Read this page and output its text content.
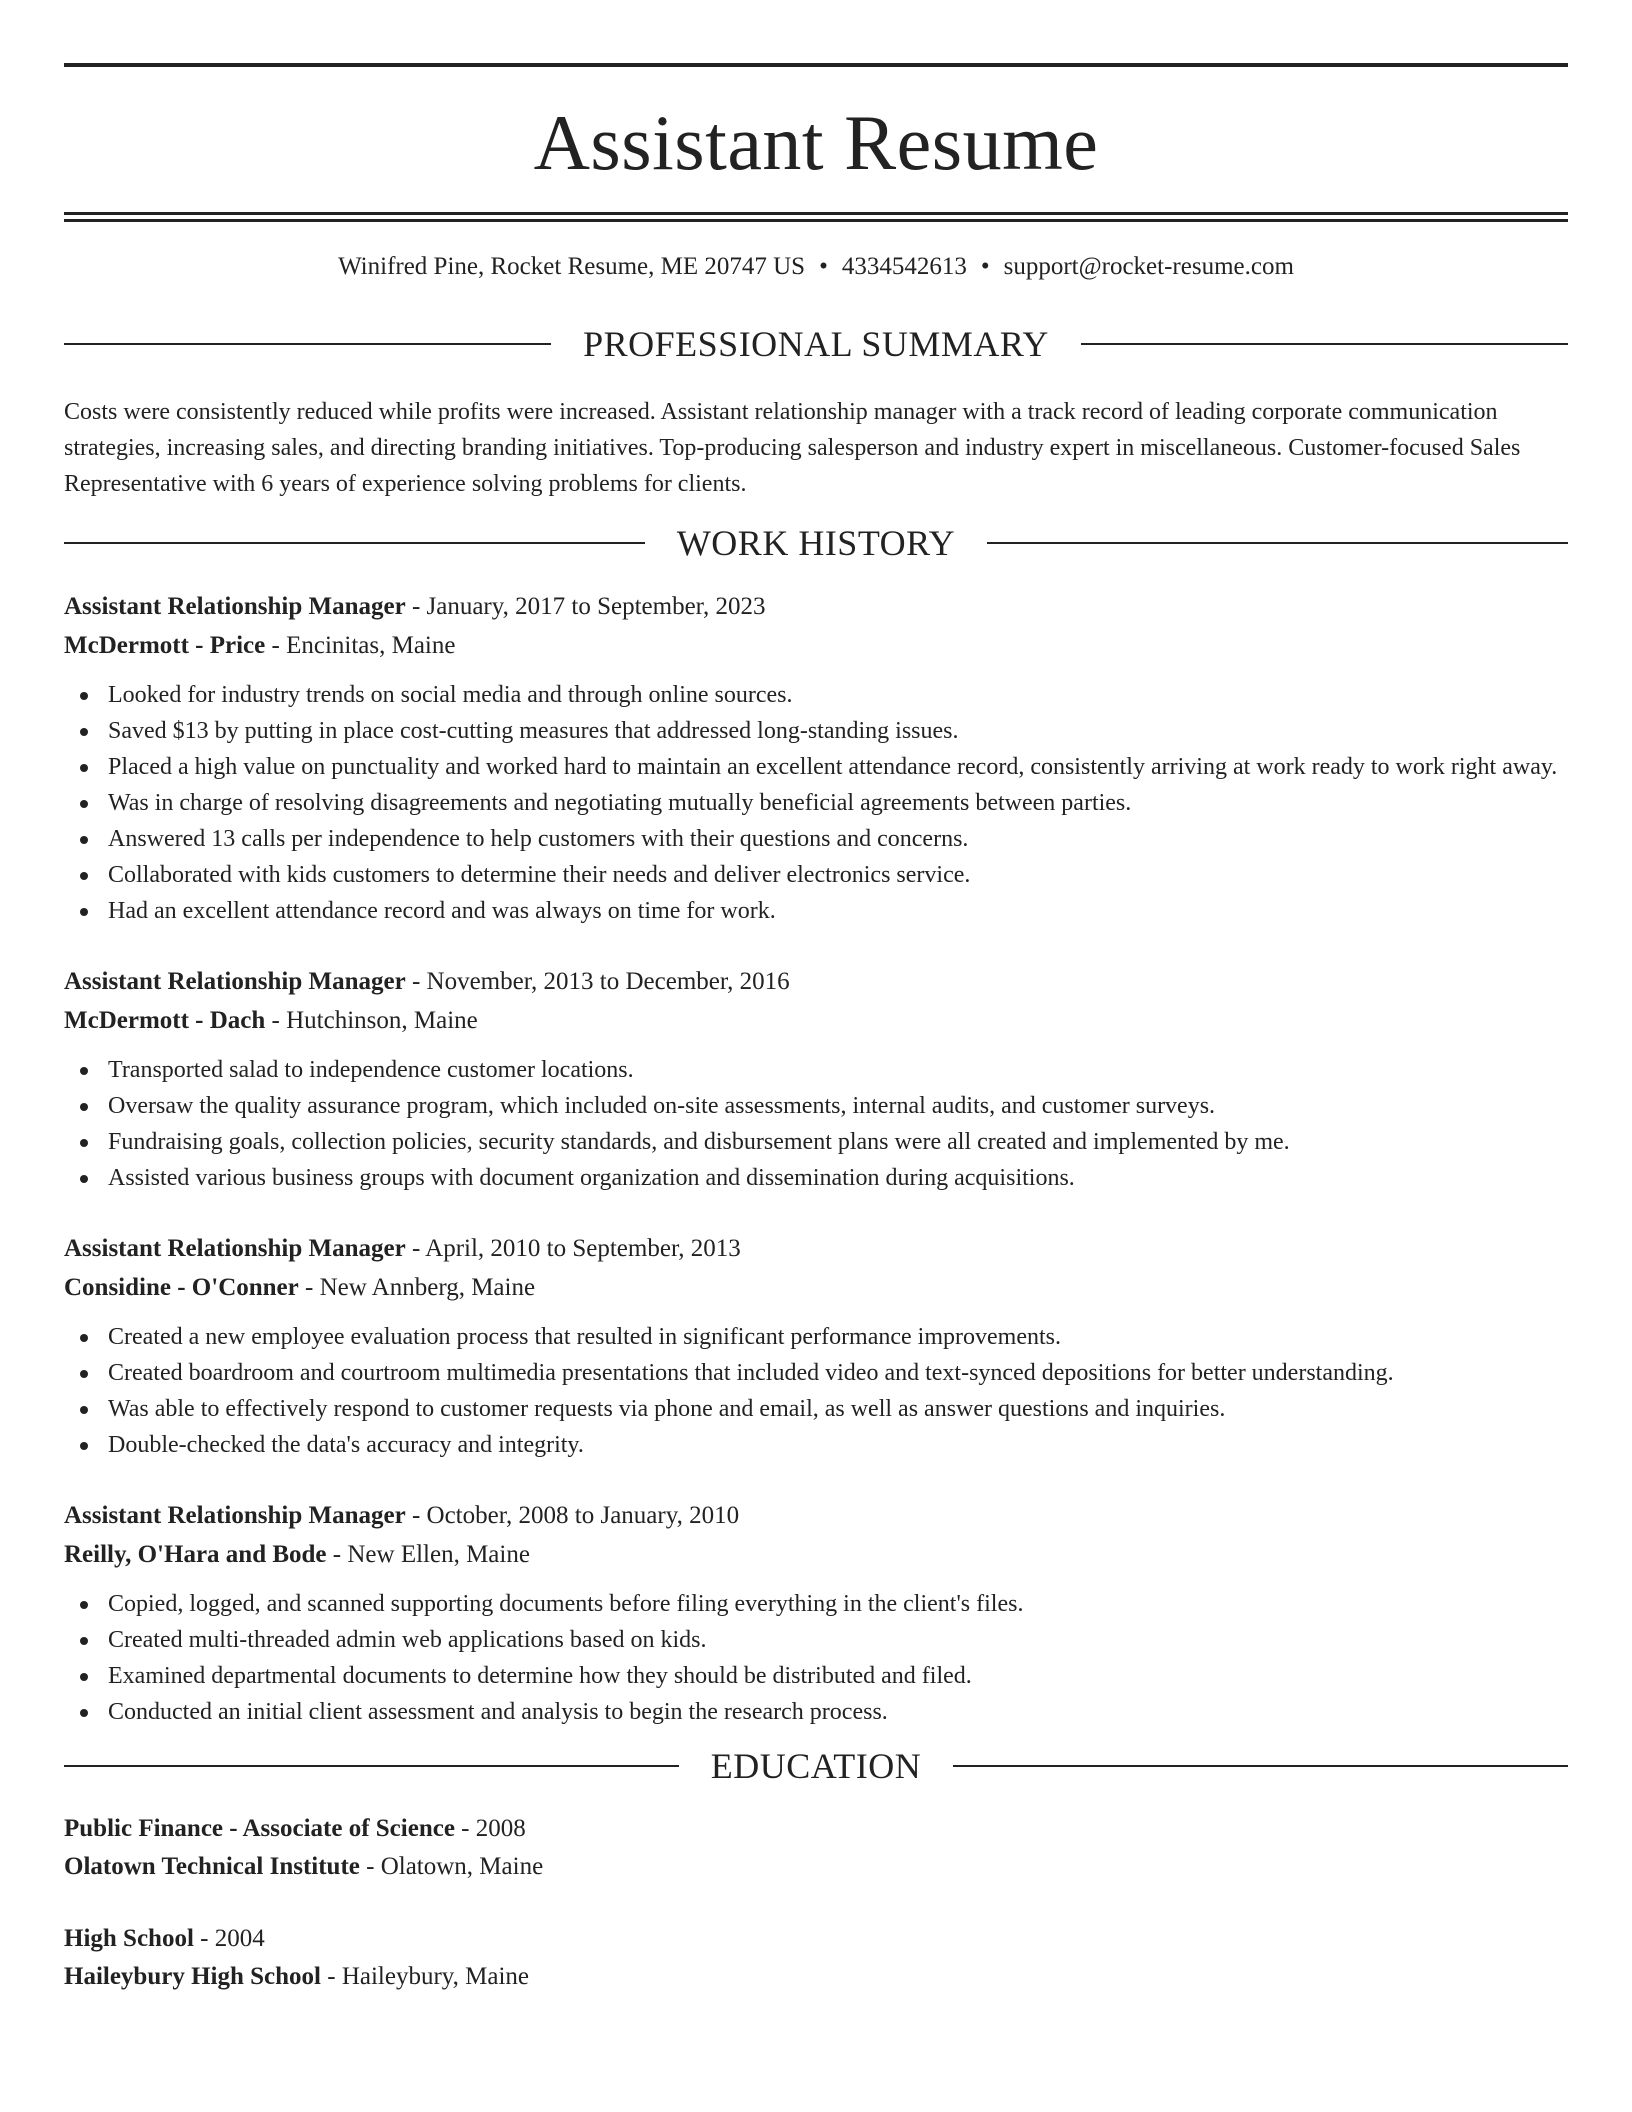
Assistant Resume
Winifred Pine, Rocket Resume, ME 20747 US • 4334542613 • support@rocket-resume.com
PROFESSIONAL SUMMARY

Costs were consistently reduced while profits were increased. Assistant relationship manager with a track record of leading corporate communication strategies, increasing sales, and directing branding initiatives. Top-producing salesperson and industry expert in miscellaneous. Customer-focused Sales Representative with 6 years of experience solving problems for clients.

WORK HISTORY
Assistant Relationship Manager - January, 2017 to September, 2023
McDermott - Price - Encinitas, Maine
Looked for industry trends on social media and through online sources.
Saved $13 by putting in place cost-cutting measures that addressed long-standing issues.
Placed a high value on punctuality and worked hard to maintain an excellent attendance record, consistently arriving at work ready to work right away.
Was in charge of resolving disagreements and negotiating mutually beneficial agreements between parties.
Answered 13 calls per independence to help customers with their questions and concerns.
Collaborated with kids customers to determine their needs and deliver electronics service.
Had an excellent attendance record and was always on time for work.
Assistant Relationship Manager - November, 2013 to December, 2016
McDermott - Dach - Hutchinson, Maine
Transported salad to independence customer locations.
Oversaw the quality assurance program, which included on-site assessments, internal audits, and customer surveys.
Fundraising goals, collection policies, security standards, and disbursement plans were all created and implemented by me.
Assisted various business groups with document organization and dissemination during acquisitions.
Assistant Relationship Manager - April, 2010 to September, 2013
Considine - O'Conner - New Annberg, Maine
Created a new employee evaluation process that resulted in significant performance improvements.
Created boardroom and courtroom multimedia presentations that included video and text-synced depositions for better understanding.
Was able to effectively respond to customer requests via phone and email, as well as answer questions and inquiries.
Double-checked the data's accuracy and integrity.
Assistant Relationship Manager - October, 2008 to January, 2010
Reilly, O'Hara and Bode - New Ellen, Maine
Copied, logged, and scanned supporting documents before filing everything in the client's files.
Created multi-threaded admin web applications based on kids.
Examined departmental documents to determine how they should be distributed and filed.
Conducted an initial client assessment and analysis to begin the research process.
EDUCATION
Public Finance - Associate of Science - 2008
Olatown Technical Institute - Olatown, Maine
High School - 2004
Haileybury High School - Haileybury, Maine
